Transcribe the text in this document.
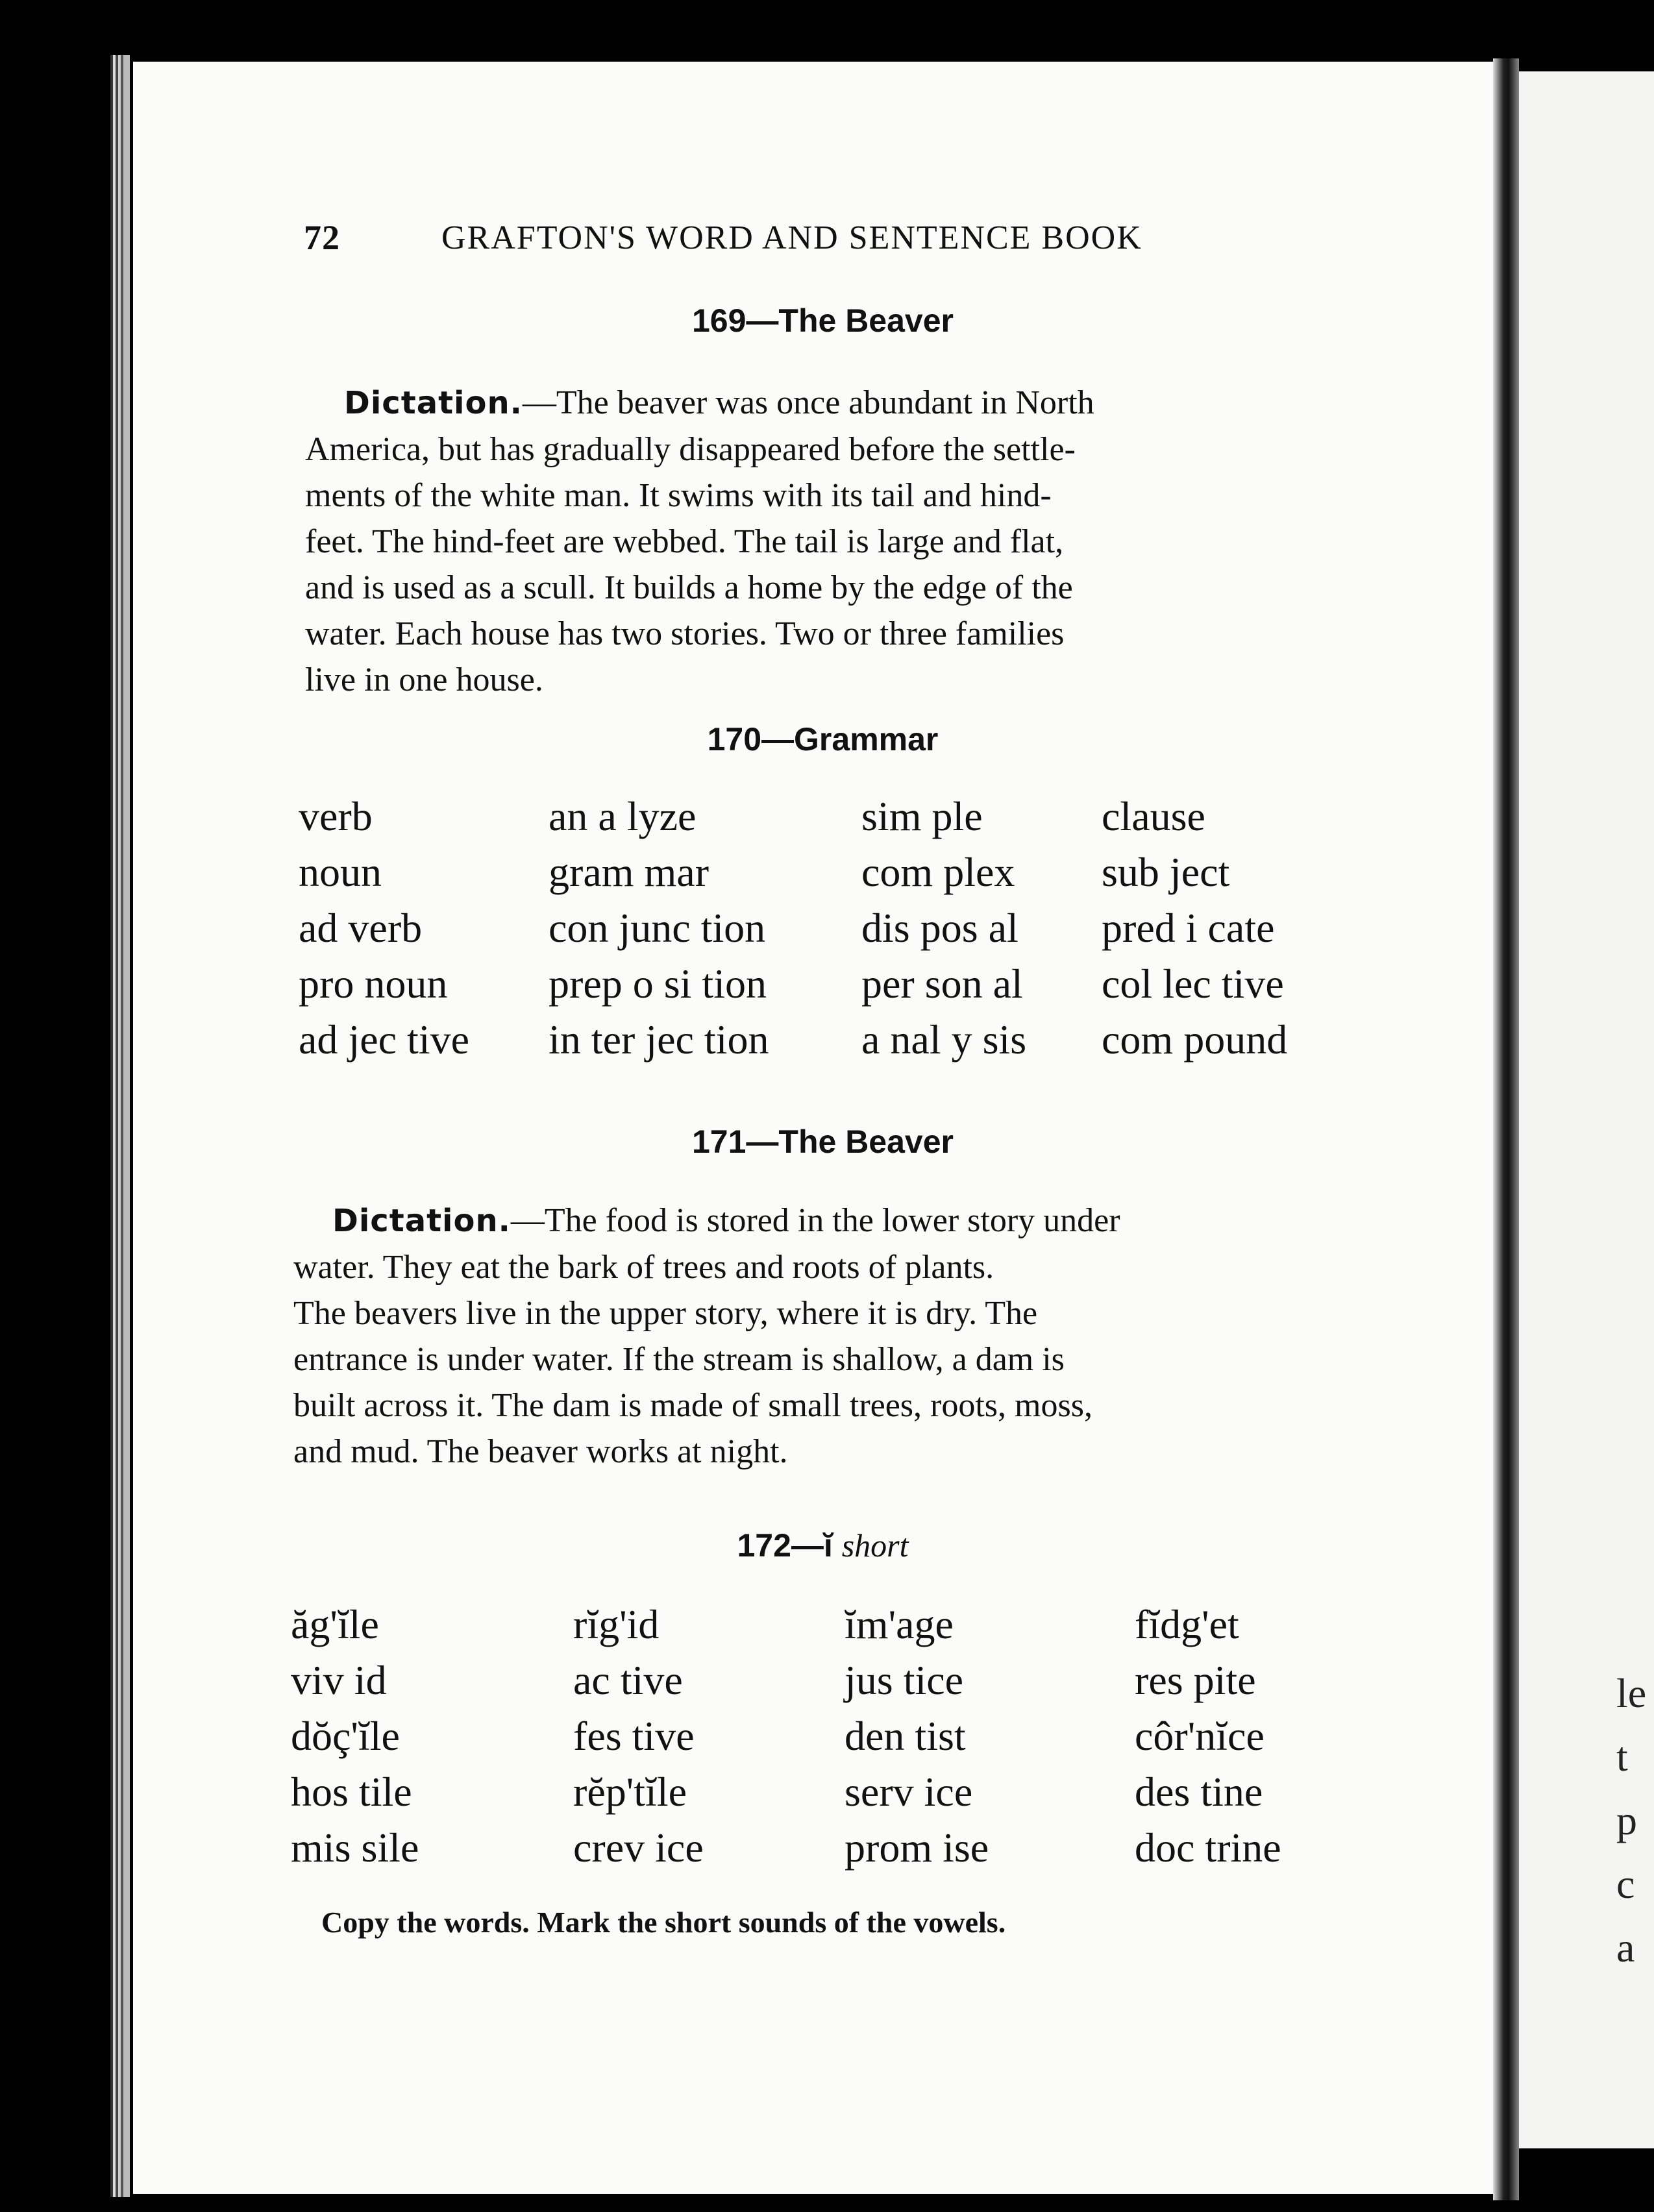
le
t
p
c
a
72	GRAFTON'S WORD AND SENTENCE BOOK
169—The Beaver
Dictation.—The beaver was once abundant in North
America, but has gradually disappeared before the settle-
ments of the white man. It swims with its tail and hind-
feet. The hind-feet are webbed. The tail is large and flat,
and is used as a scull. It builds a home by the edge of the
water. Each house has two stories. Two or three families
live in one house.
170—Grammar
verb
noun
ad verb
pro noun
ad jec tive
an a lyze
gram mar
con junc tion
prep o si tion
in ter jec tion
sim ple
com plex
dis pos al
per son al
a nal y sis
clause
sub ject
pred i cate
col lec tive
com pound
171—The Beaver
Dictation.—The food is stored in the lower story under
water. They eat the bark of trees and roots of plants.
The beavers live in the upper story, where it is dry. The
entrance is under water. If the stream is shallow, a dam is
built across it. The dam is made of small trees, roots, moss,
and mud. The beaver works at night.
172—ĭ short
ăg'ĭle
viv id
dŏç'ĭle
hos tile
mis sile
rĭg'id
ac tive
fes tive
rĕp'tĭle
crev ice
ĭm'age
jus tice
den tist
serv ice
prom ise
fĭdg'et
res pite
côr'nĭce
des tine
doc trine
Copy the words. Mark the short sounds of the vowels.
